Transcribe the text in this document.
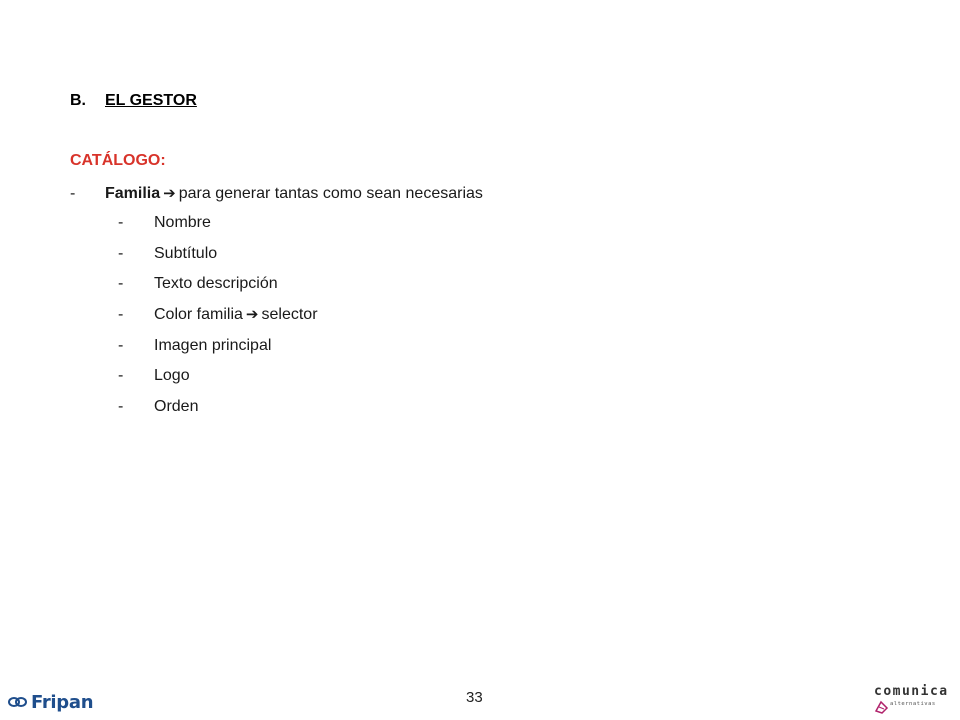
B. EL GESTOR
CATÁLOGO:
- Familia ➔ para generar tantas como sean necesarias
- Nombre
- Subtítulo
- Texto descripción
- Color familia ➔ selector
- Imagen principal
- Logo
- Orden
Fripan	33	comunica
alternativas
